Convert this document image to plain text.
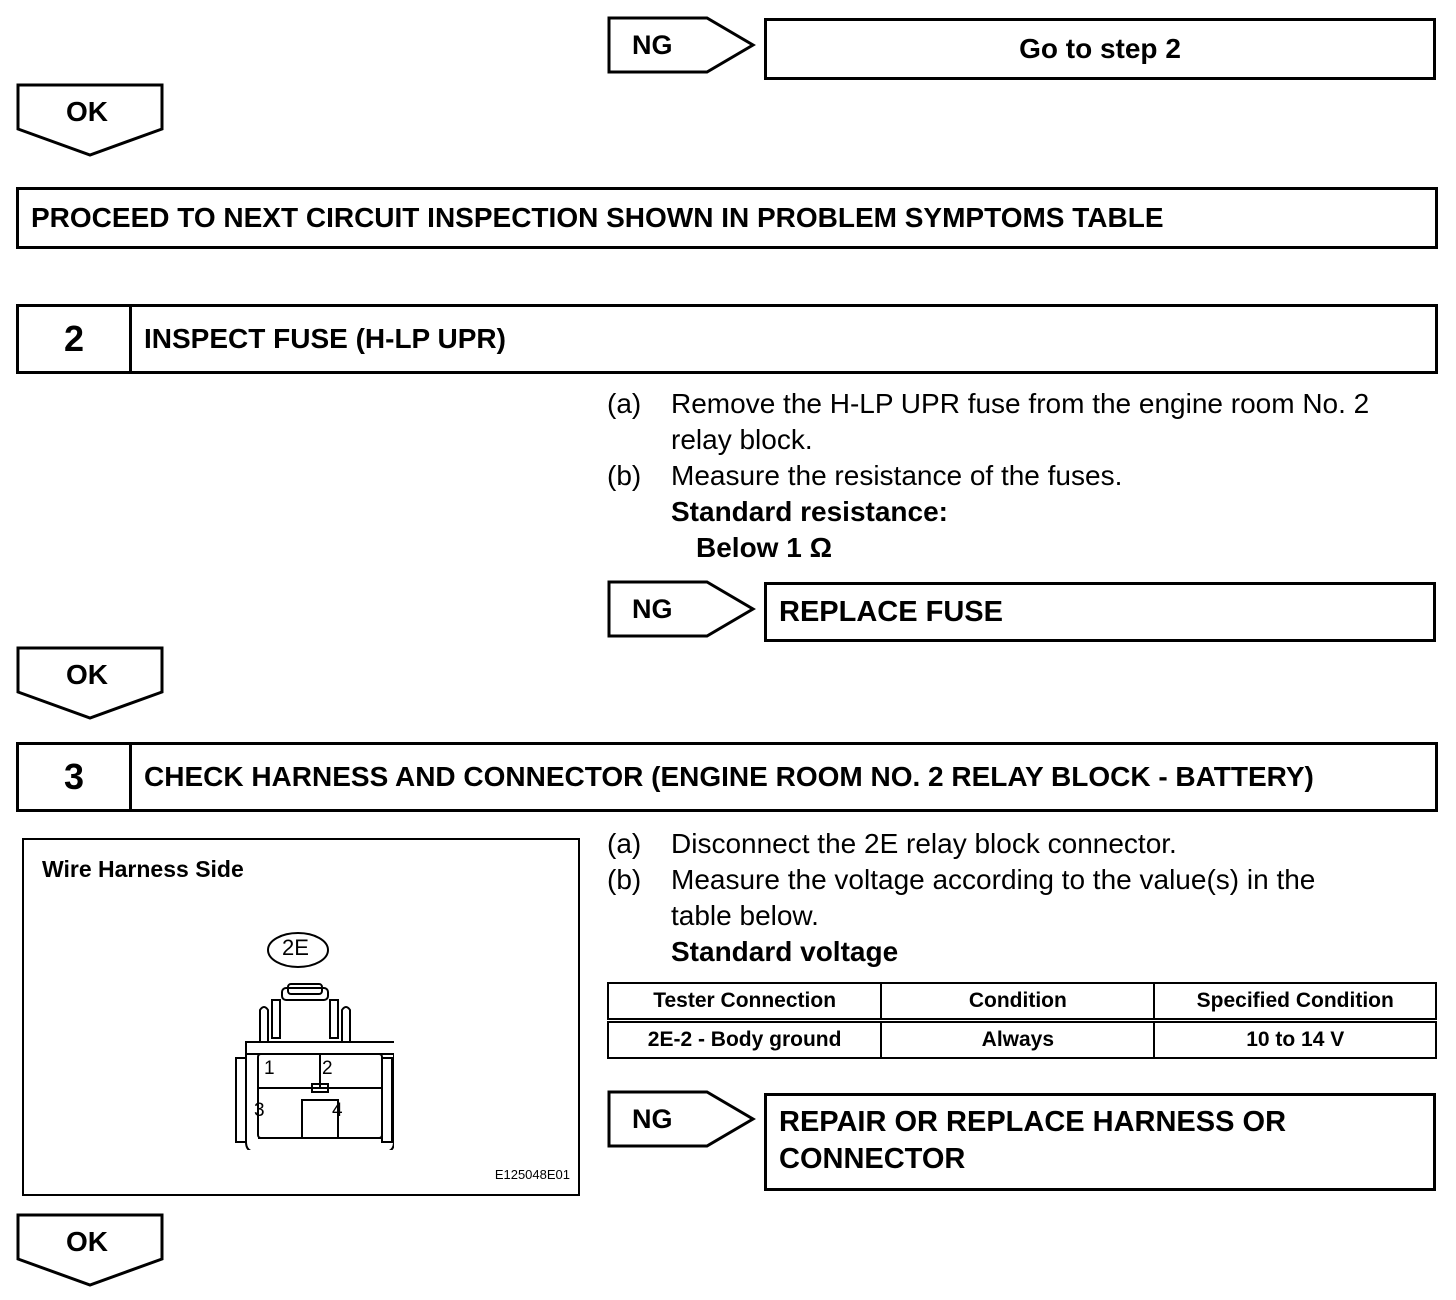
NG	Go to step 2
OK
PROCEED TO NEXT CIRCUIT INSPECTION SHOWN IN PROBLEM SYMPTOMS TABLE
2	INSPECT FUSE (H-LP UPR)
(a)	Remove the H-LP UPR fuse from the engine room No. 2
relay block.
(b)	Measure the resistance of the fuses.
Standard resistance:
Below 1 Ω
NG	REPLACE FUSE
OK
3	CHECK HARNESS AND CONNECTOR (ENGINE ROOM NO. 2 RELAY BLOCK - BATTERY)
Wire Harness Side
2E
1 2
3	4
E125048E01
(a)	Disconnect the 2E relay block connector.
(b)	Measure the voltage according to the value(s) in the
table below.
Standard voltage
Tester Connection	Condition	Specified Condition
2E-2 - Body ground	Always	10 to 14 V
NG	REPAIR OR REPLACE HARNESS OR
CONNECTOR
OK
